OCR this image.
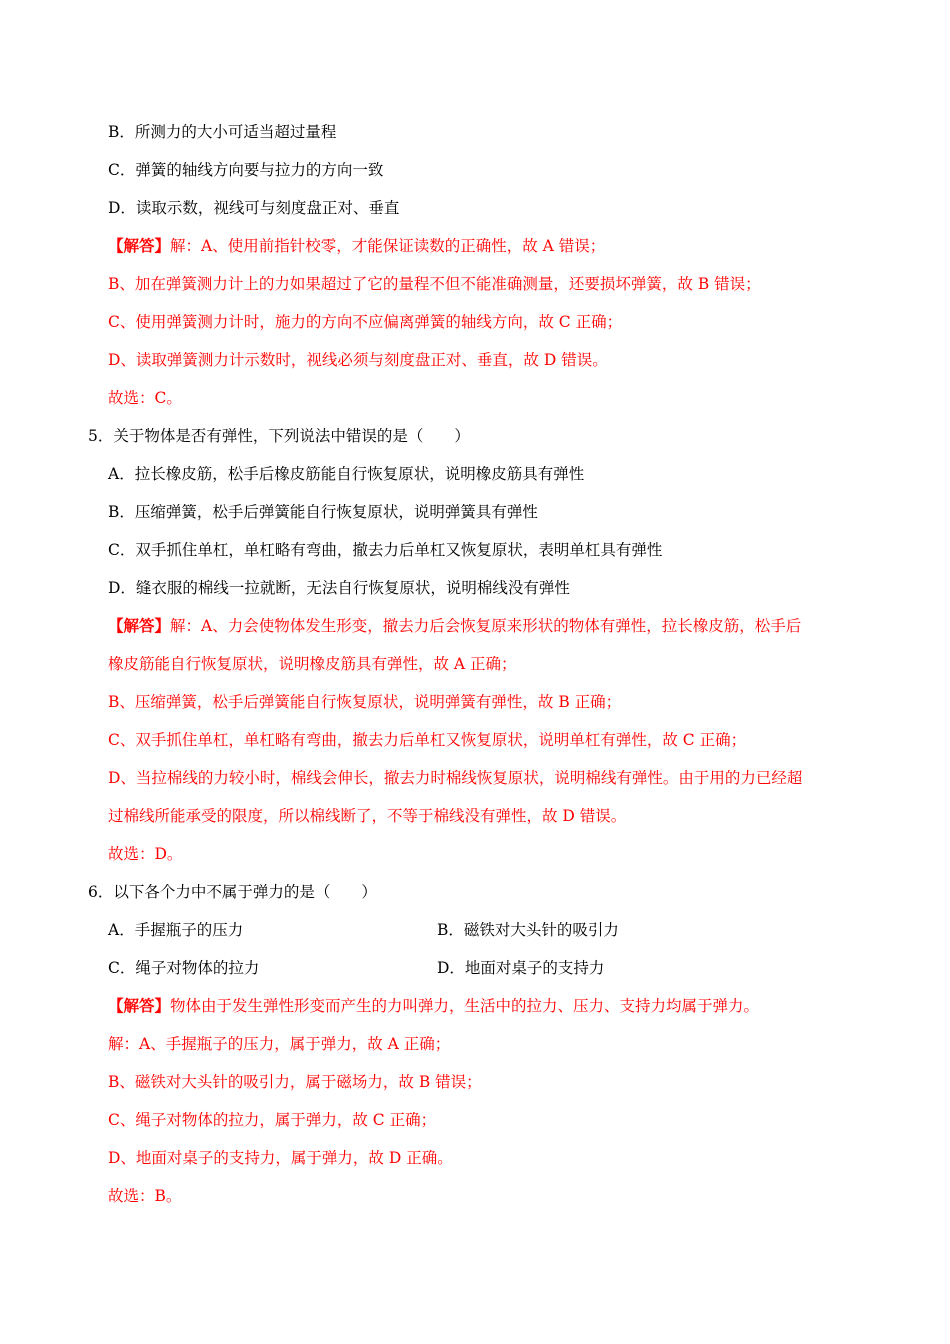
B．所测力的大小可适当超过量程
C．弹簧的轴线方向要与拉力的方向一致
D．读取示数，视线可与刻度盘正对、垂直
【解答】解：A、使用前指针校零，才能保证读数的正确性，故 A 错误；
B、加在弹簧测力计上的力如果超过了它的量程不但不能准确测量，还要损坏弹簧，故 B 错误；
C、使用弹簧测力计时，施力的方向不应偏离弹簧的轴线方向，故 C 正确；
D、读取弹簧测力计示数时，视线必须与刻度盘正对、垂直，故 D 错误。
故选：C。
5．关于物体是否有弹性，下列说法中错误的是（　　）
A．拉长橡皮筋，松手后橡皮筋能自行恢复原状，说明橡皮筋具有弹性
B．压缩弹簧，松手后弹簧能自行恢复原状，说明弹簧具有弹性
C．双手抓住单杠，单杠略有弯曲，撤去力后单杠又恢复原状，表明单杠具有弹性
D．缝衣服的棉线一拉就断，无法自行恢复原状，说明棉线没有弹性
【解答】解：A、力会使物体发生形变，撤去力后会恢复原来形状的物体有弹性，拉长橡皮筋，松手后
橡皮筋能自行恢复原状，说明橡皮筋具有弹性，故 A 正确；
B、压缩弹簧，松手后弹簧能自行恢复原状，说明弹簧有弹性，故 B 正确；
C、双手抓住单杠，单杠略有弯曲，撤去力后单杠又恢复原状，说明单杠有弹性，故 C 正确；
D、当拉棉线的力较小时，棉线会伸长，撤去力时棉线恢复原状，说明棉线有弹性。由于用的力已经超
过棉线所能承受的限度，所以棉线断了，不等于棉线没有弹性，故 D 错误。
故选：D。
6．以下各个力中不属于弹力的是（　　）
A．手握瓶子的压力	B．磁铁对大头针的吸引力
C．绳子对物体的拉力	D．地面对桌子的支持力
【解答】物体由于发生弹性形变而产生的力叫弹力，生活中的拉力、压力、支持力均属于弹力。
解：A、手握瓶子的压力，属于弹力，故 A 正确；
B、磁铁对大头针的吸引力，属于磁场力，故 B 错误；
C、绳子对物体的拉力，属于弹力，故 C 正确；
D、地面对桌子的支持力，属于弹力，故 D 正确。
故选：B。
